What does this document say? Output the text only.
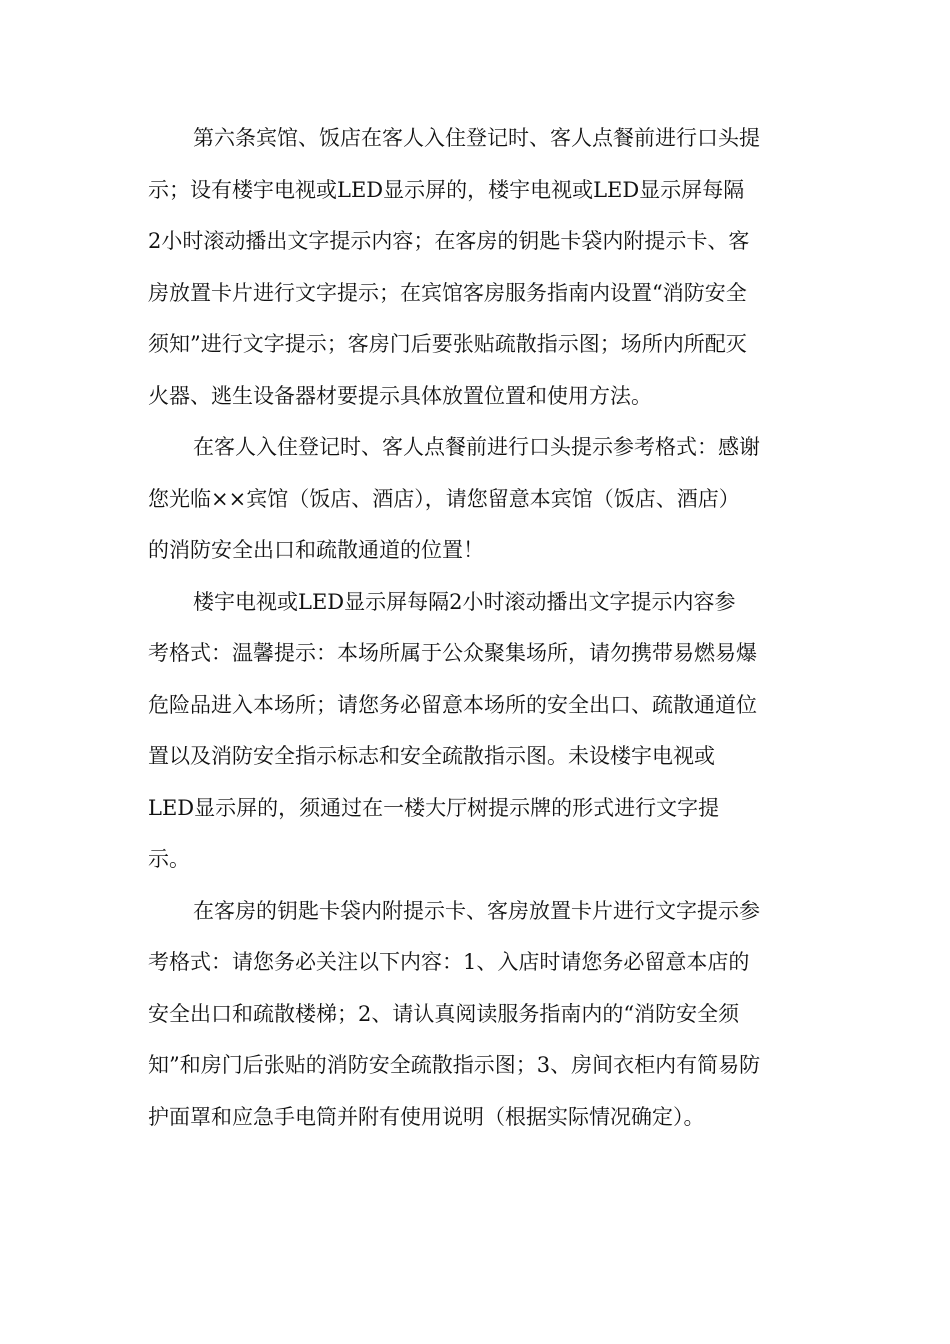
第六条宾馆、饭店在客人入住登记时、客人点餐前进行口头提
示；设有楼宇电视或LED显示屏的，楼宇电视或LED显示屏每隔
2小时滚动播出文字提示内容；在客房的钥匙卡袋内附提示卡、客
房放置卡片进行文字提示；在宾馆客房服务指南内设置“消防安全
须知”进行文字提示；客房门后要张贴疏散指示图；场所内所配灭
火器、逃生设备器材要提示具体放置位置和使用方法。
在客人入住登记时、客人点餐前进行口头提示参考格式：感谢
您光临××宾馆（饭店、酒店），请您留意本宾馆（饭店、酒店）
的消防安全出口和疏散通道的位置！
楼宇电视或LED显示屏每隔2小时滚动播出文字提示内容参
考格式：温馨提示：本场所属于公众聚集场所，请勿携带易燃易爆
危险品进入本场所；请您务必留意本场所的安全出口、疏散通道位
置以及消防安全指示标志和安全疏散指示图。未设楼宇电视或
LED显示屏的，须通过在一楼大厅树提示牌的形式进行文字提
示。
在客房的钥匙卡袋内附提示卡、客房放置卡片进行文字提示参
考格式：请您务必关注以下内容：1、入店时请您务必留意本店的
安全出口和疏散楼梯；2、请认真阅读服务指南内的“消防安全须
知”和房门后张贴的消防安全疏散指示图；3、房间衣柜内有简易防
护面罩和应急手电筒并附有使用说明（根据实际情况确定）。
